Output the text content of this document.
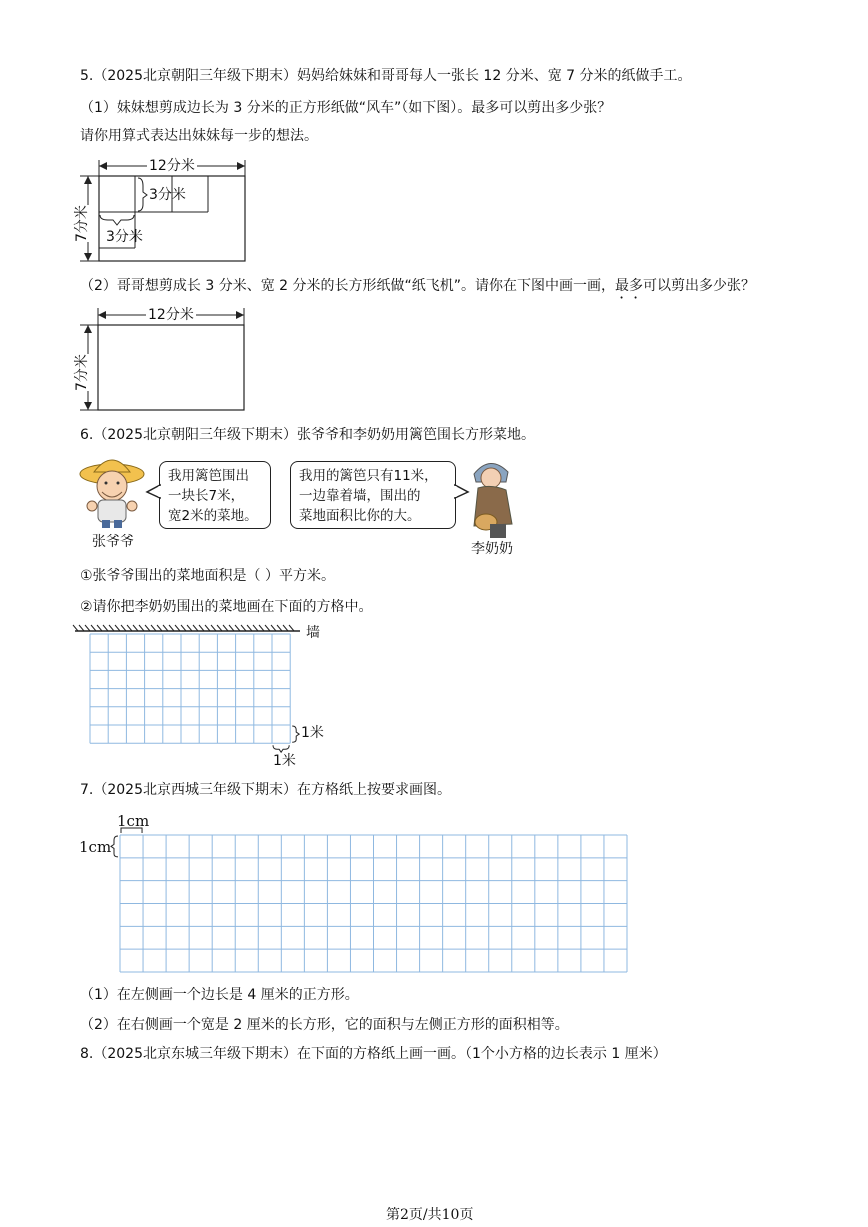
5.（2025北京朝阳三年级下期末）妈妈给妹妹和哥哥每人一张长 12 分米、宽 7 分米的纸做手工。
（1）妹妹想剪成边长为 3 分米的正方形纸做“风车”（如下图）。最多可以剪出多少张？
请你用算式表达出妹妹每一步的想法。
12分米
7分米
3分米
3分米
（2）哥哥想剪成长 3 分米、宽 2 分米的长方形纸做“纸飞机”。请你在下图中画一画，最多可以剪出多少张？
12分米
7分米
6.（2025北京朝阳三年级下期末）张爷爷和李奶奶用篱笆围长方形菜地。
张爷爷
我用篱笆围出
一块长7米，
宽2米的菜地。
我用的篱笆只有11米，
一边靠着墙，围出的
菜地面积比你的大。
李奶奶
①张爷爷围出的菜地面积是（ ）平方米。
②请你把李奶奶围出的菜地画在下面的方格中。
墙
1米
1米
7.（2025北京西城三年级下期末）在方格纸上按要求画图。
1cm
1cm
（1）在左侧画一个边长是 4 厘米的正方形。
（2）在右侧画一个宽是 2 厘米的长方形，它的面积与左侧正方形的面积相等。
8.（2025北京东城三年级下期末）在下面的方格纸上画一画。（1个小方格的边长表示 1 厘米）
第2页/共10页
